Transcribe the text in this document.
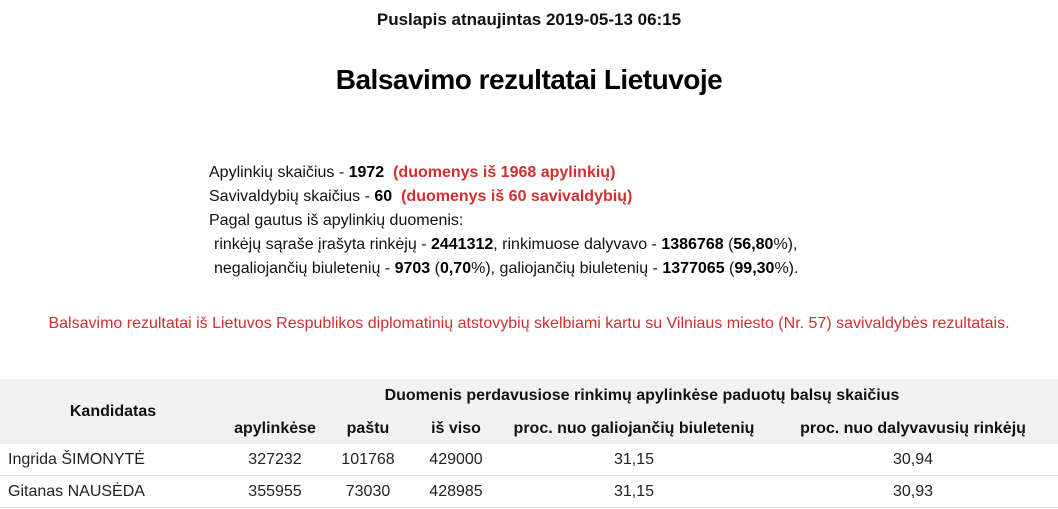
Puslapis atnaujintas 2019-05-13 06:15
Balsavimo rezultatai Lietuvoje
Apylinkių skaičius - 1972 (duomenys iš 1968 apylinkių)
Savivaldybių skaičius - 60 (duomenys iš 60 savivaldybių)
Pagal gautus iš apylinkių duomenis:
rinkėjų sąraše įrašyta rinkėjų - 2441312, rinkimuose dalyvavo - 1386768 (56,80%),
negaliojančių biuletenių - 9703 (0,70%), galiojančių biuletenių - 1377065 (99,30%).
Balsavimo rezultatai iš Lietuvos Respublikos diplomatinių atstovybių skelbiami kartu su Vilniaus miesto (Nr. 57) savivaldybės rezultatais.
Kandidatas	Duomenis perdavusiose rinkimų apylinkėse paduotų balsų skaičius				
	apylinkėse	paštu	iš viso	proc. nuo galiojančių biuletenių	proc. nuo dalyvavusių rinkėjų
Ingrida ŠIMONYTĖ	327232	101768	429000	31,15	30,94
Gitanas NAUSĖDA	355955	73030	428985	31,15	30,93
